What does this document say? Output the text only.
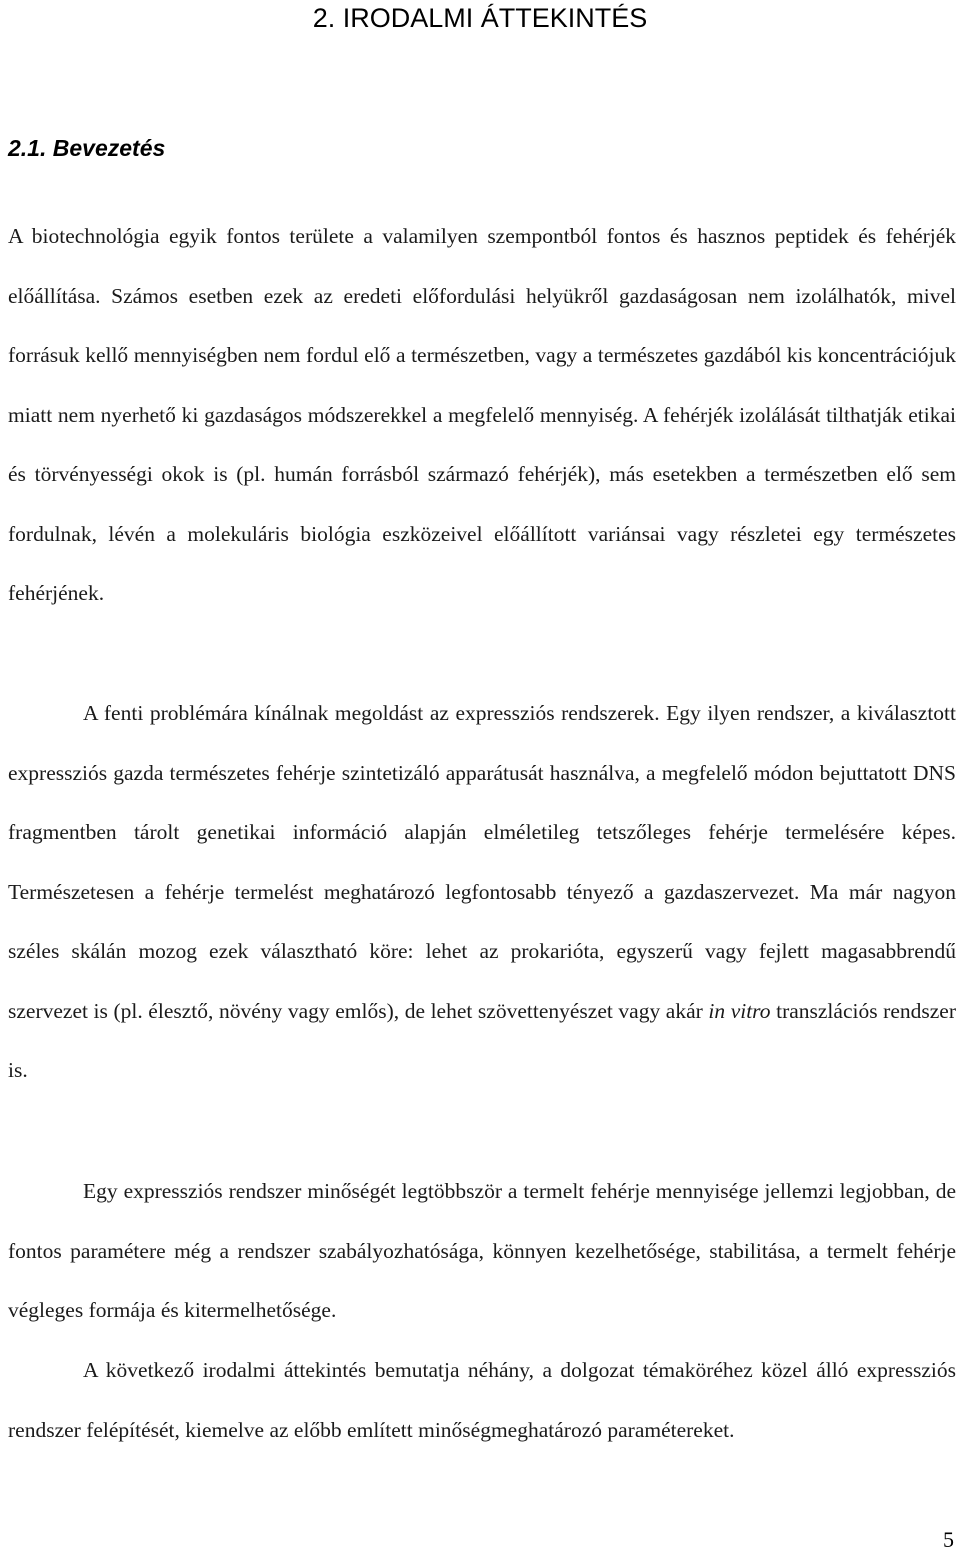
2. IRODALMI ÁTTEKINTÉS
2.1. Bevezetés

A biotechnológia egyik fontos területe a valamilyen szempontból fontos és hasznos peptidek és fehérjék előállítása. Számos esetben ezek az eredeti előfordulási helyükről gazdaságosan nem izolálhatók, mivel forrásuk kellő mennyiségben nem fordul elő a természetben, vagy a természetes gazdából kis koncentrációjuk miatt nem nyerhető ki gazdaságos módszerekkel a megfelelő mennyiség. A fehérjék izolálását tilthatják etikai és törvényességi okok is (pl. humán forrásból származó fehérjék), más esetekben a természetben elő sem fordulnak, lévén a molekuláris biológia eszközeivel előállított variánsai vagy részletei egy természetes fehérjének.

A fenti problémára kínálnak megoldást az expressziós rendszerek. Egy ilyen rendszer, a kiválasztott expressziós gazda természetes fehérje szintetizáló apparátusát használva, a megfelelő módon bejuttatott DNS fragmentben tárolt genetikai információ alapján elméletileg tetszőleges fehérje termelésére képes. Természetesen a fehérje termelést meghatározó legfontosabb tényező a gazdaszervezet. Ma már nagyon széles skálán mozog ezek választható köre: lehet az prokarióta, egyszerű vagy fejlett magasabbrendű szervezet is (pl. élesztő, növény vagy emlős), de lehet szövettenyészet vagy akár in vitro transzlációs rendszer is.

Egy expressziós rendszer minőségét legtöbbször a termelt fehérje mennyisége jellemzi legjobban, de fontos paramétere még a rendszer szabályozhatósága, könnyen kezelhetősége, stabilitása, a termelt fehérje végleges formája és kitermelhetősége.

A következő irodalmi áttekintés bemutatja néhány, a dolgozat témaköréhez közel álló expressziós rendszer felépítését, kiemelve az előbb említett minőségmeghatározó paramétereket.

5
